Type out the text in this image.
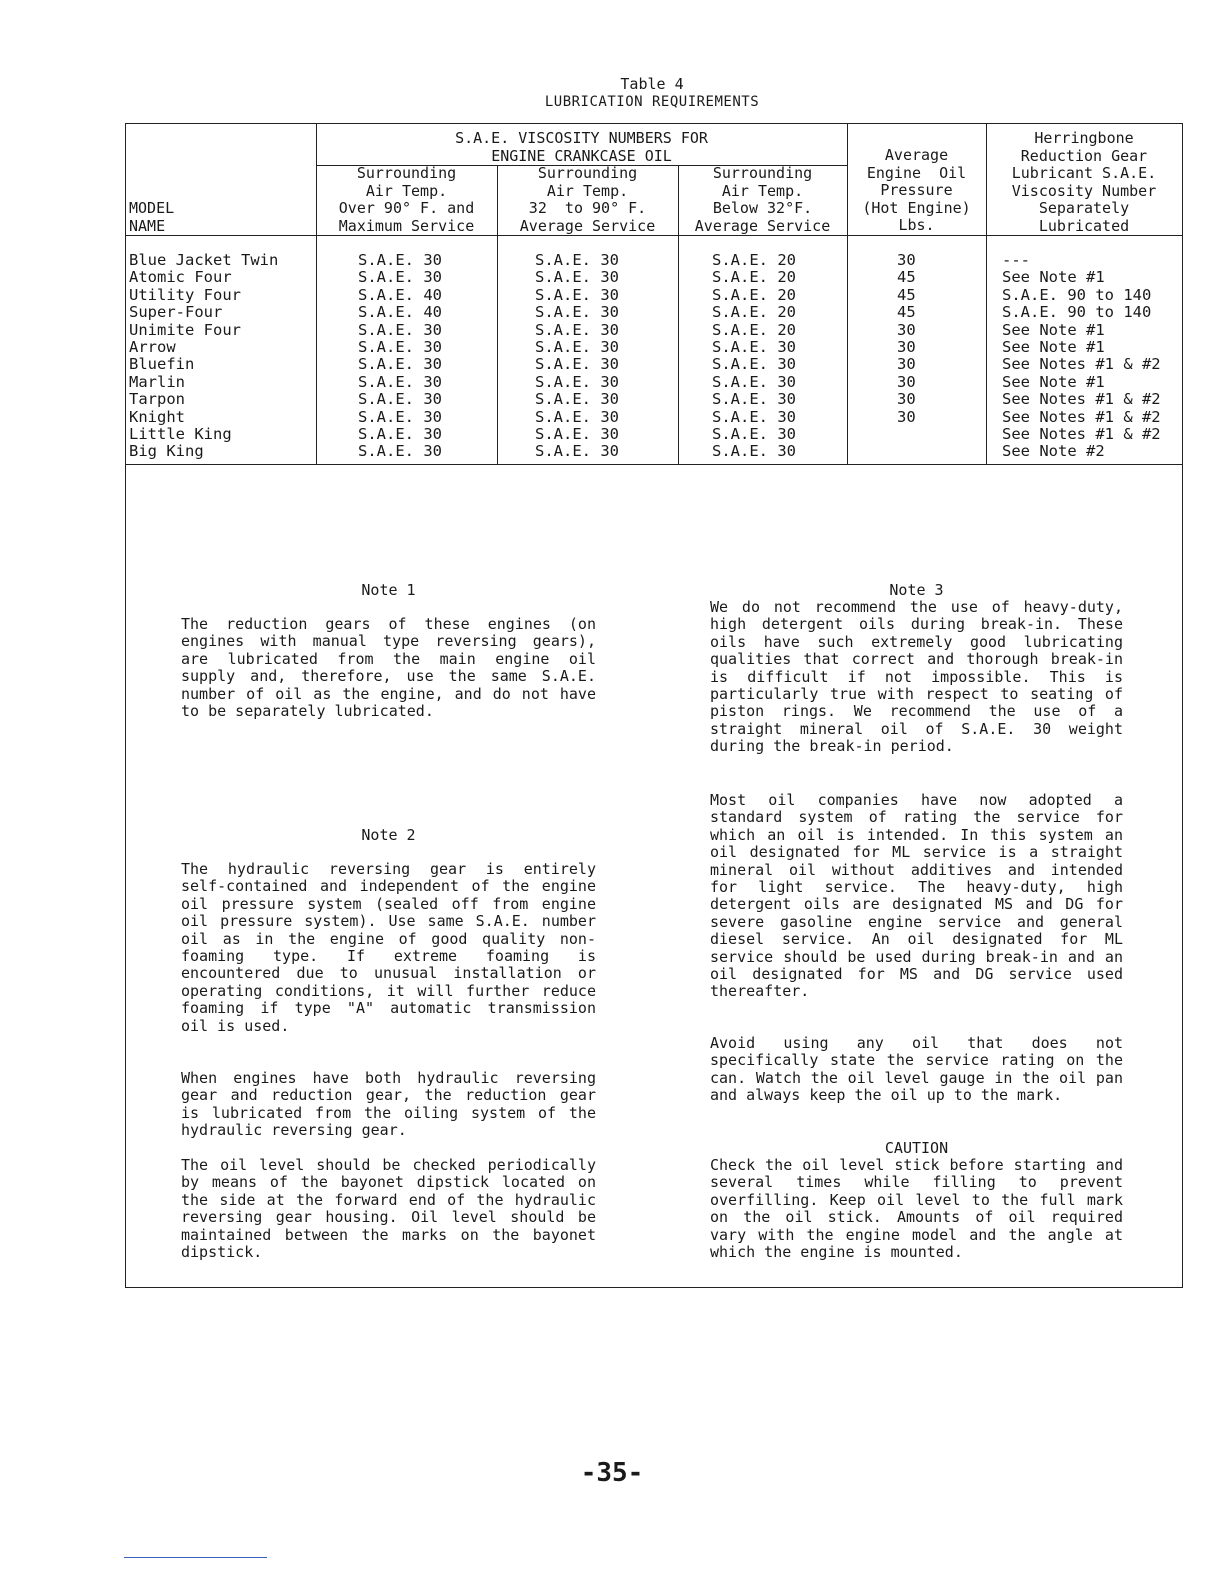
Table 4
LUBRICATION REQUIREMENTS
MODEL
NAME
S.A.E. VISCOSITY NUMBERS FOR
ENGINE CRANKCASE OIL
Surrounding
Air Temp.
Over 90° F. and
Maximum Service
Surrounding
Air Temp.
32  to 90° F.
Average Service
Surrounding
Air Temp.
Below 32°F.
Average Service
Average
Engine  Oil
Pressure
(Hot Engine)
Lbs.
Herringbone
Reduction Gear
Lubricant S.A.E.
Viscosity Number
Separately
Lubricated
Blue Jacket Twin
Atomic Four
Utility Four
Super-Four
Unimite Four
Arrow
Bluefin
Marlin
Tarpon
Knight
Little King
Big King
S.A.E. 30
S.A.E. 30
S.A.E. 40
S.A.E. 40
S.A.E. 30
S.A.E. 30
S.A.E. 30
S.A.E. 30
S.A.E. 30
S.A.E. 30
S.A.E. 30
S.A.E. 30
S.A.E. 30
S.A.E. 30
S.A.E. 30
S.A.E. 30
S.A.E. 30
S.A.E. 30
S.A.E. 30
S.A.E. 30
S.A.E. 30
S.A.E. 30
S.A.E. 30
S.A.E. 30
S.A.E. 20
S.A.E. 20
S.A.E. 20
S.A.E. 20
S.A.E. 20
S.A.E. 30
S.A.E. 30
S.A.E. 30
S.A.E. 30
S.A.E. 30
S.A.E. 30
S.A.E. 30
30
45
45
45
30
30
30
30
30
30
---
See Note #1
S.A.E. 90 to 140
S.A.E. 90 to 140
See Note #1
See Note #1
See Notes #1 & #2
See Note #1
See Notes #1 & #2
See Notes #1 & #2
See Notes #1 & #2
See Note #2
Note 1

The reduction gears of these engines (on engines with manual type reversing gears), are lubricated from the main engine oil supply and, therefore, use the same S.A.E. number of oil as the engine, and do not have to be separately lubricated.

Note 2

The hydraulic reversing gear is entirely self-contained and independent of the engine oil pressure system (sealed off from engine oil pressure system). Use same S.A.E. number oil as in the engine of good quality non-foaming type. If extreme foaming is encountered due to unusual installation or operating conditions, it will further reduce foaming if type "A" automatic transmission oil is used.

When engines have both hydraulic reversing gear and reduction gear, the reduction gear is lubricated from the oiling system of the hydraulic reversing gear.

The oil level should be checked periodically by means of the bayonet dipstick located on the side at the forward end of the hydraulic reversing gear housing. Oil level should be maintained between the marks on the bayonet dipstick.

Note 3

We do not recommend the use of heavy-duty, high detergent oils during break-in. These oils have such extremely good lubricating qualities that correct and thorough break-in is difficult if not impossible. This is particularly true with respect to seating of piston rings. We recommend the use of a straight mineral oil of S.A.E. 30 weight during the break-in period.

Most oil companies have now adopted a standard system of rating the service for which an oil is intended. In this system an oil designated for ML service is a straight mineral oil without additives and intended for light service. The heavy-duty, high detergent oils are designated MS and DG for severe gasoline engine service and general diesel service. An oil designated for ML service should be used during break-in and an oil designated for MS and DG service used thereafter.

Avoid using any oil that does not specifically state the service rating on the can. Watch the oil level gauge in the oil pan and always keep the oil up to the mark.

CAUTION

Check the oil level stick before starting and several times while filling to prevent overfilling. Keep oil level to the full mark on the oil stick. Amounts of oil required vary with the engine model and the angle at which the engine is mounted.

-35-
